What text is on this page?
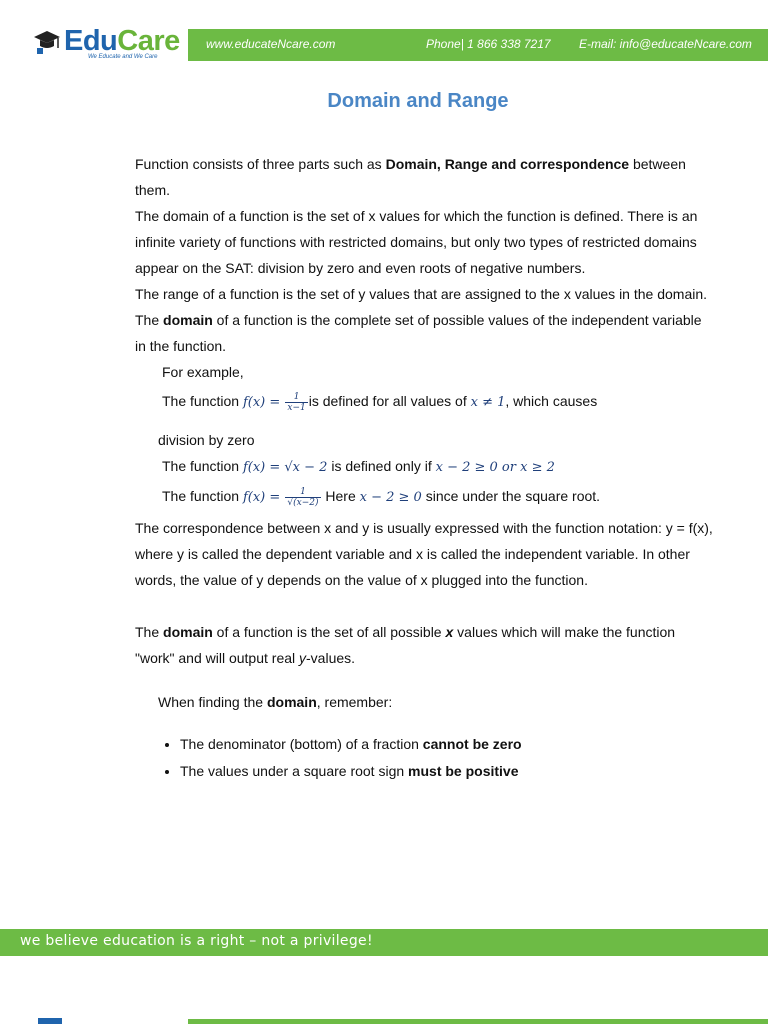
EduCare
We Educate and We Care
www.educateNcare.com	Phone| 1 866 338 7217 E-mail: info@educateNcare.com
Domain and Range

Function consists of three parts such as Domain, Range and correspondence between them.

The domain of a function is the set of x values for which the function is defined. There is an infinite variety of functions with restricted domains, but only two types of restricted domains appear on the SAT: division by zero and even roots of negative numbers.

The range of a function is the set of y values that are assigned to the x values in the domain.

The domain of a function is the complete set of possible values of the independent variable in the function.

For example,

The function $f(x) = \frac{1}{x-1}$ is defined for all values of x ≠ 1, which causes

division by zero

The function f(x) = √x − 2 is defined only if x − 2 ≥ 0 or x ≥ 2

The function $f(x) = \frac{1}{√(x-2)}$ Here x − 2 ≥ 0 since under the square root.

The correspondence between x and y is usually expressed with the function notation: y = f(x), where y is called the dependent variable and x is called the independent variable. In other words, the value of y depends on the value of x plugged into the function.

The domain of a function is the set of all possible x values which will make the function "work" and will output real y-values.

When finding the domain, remember:

• The denominator (bottom) of a fraction cannot be zero
• The values under a square root sign must be positive
we believe education is a right – not a privilege!
